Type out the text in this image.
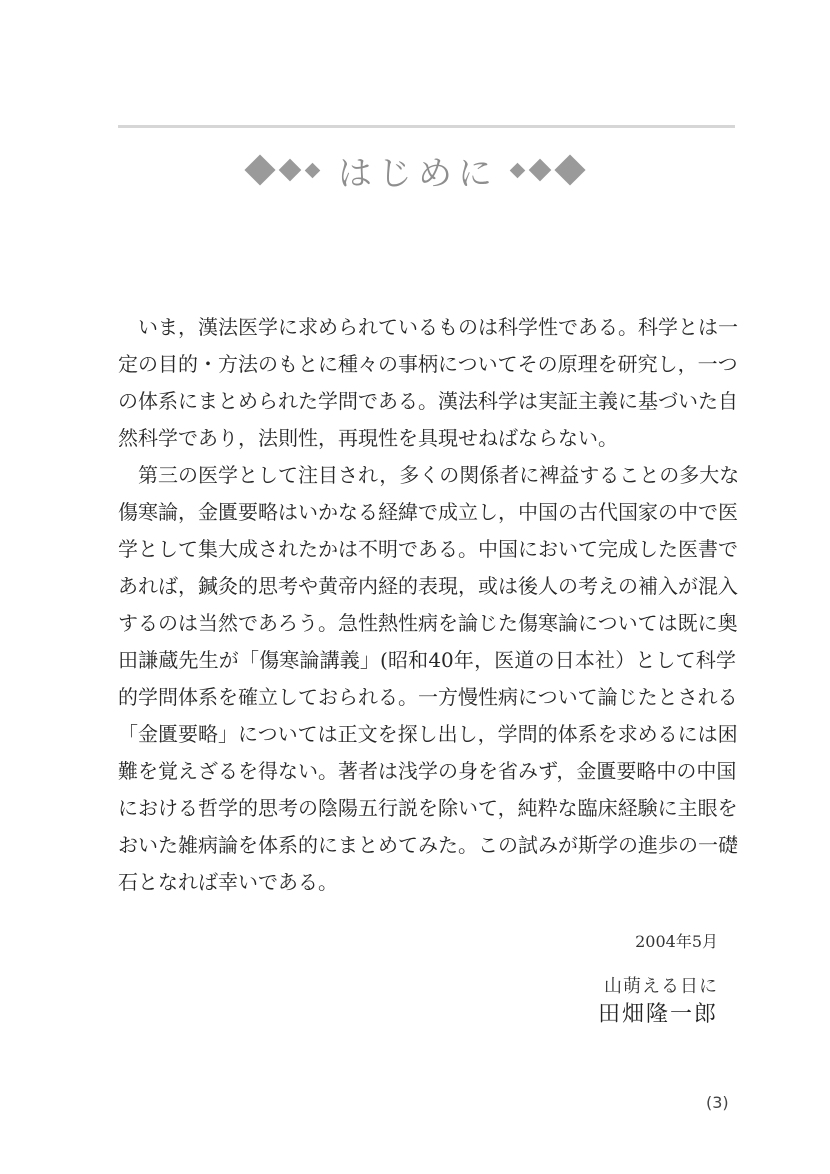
はじめに
いま，漢法医学に求められているものは科学性である。科学とは一
定の目的・方法のもとに種々の事柄についてその原理を研究し，一つ
の体系にまとめられた学問である。漢法科学は実証主義に基づいた自
然科学であり，法則性，再現性を具現せねばならない。
第三の医学として注目され，多くの関係者に裨益することの多大な
傷寒論，金匱要略はいかなる経緯で成立し，中国の古代国家の中で医
学として集大成されたかは不明である。中国において完成した医書で
あれば，鍼灸的思考や黄帝内経的表現，或は後人の考えの補入が混入
するのは当然であろう。急性熱性病を論じた傷寒論については既に奥
田謙蔵先生が「傷寒論講義」(昭和40年，医道の日本社）として科学
的学問体系を確立しておられる。一方慢性病について論じたとされる
「金匱要略」については正文を探し出し，学問的体系を求めるには困
難を覚えざるを得ない。著者は浅学の身を省みず，金匱要略中の中国
における哲学的思考の陰陽五行説を除いて，純粋な臨床経験に主眼を
おいた雑病論を体系的にまとめてみた。この試みが斯学の進歩の一礎
石となれば幸いである。
2004年5月
山萌える日に
田畑隆一郎
(3)
